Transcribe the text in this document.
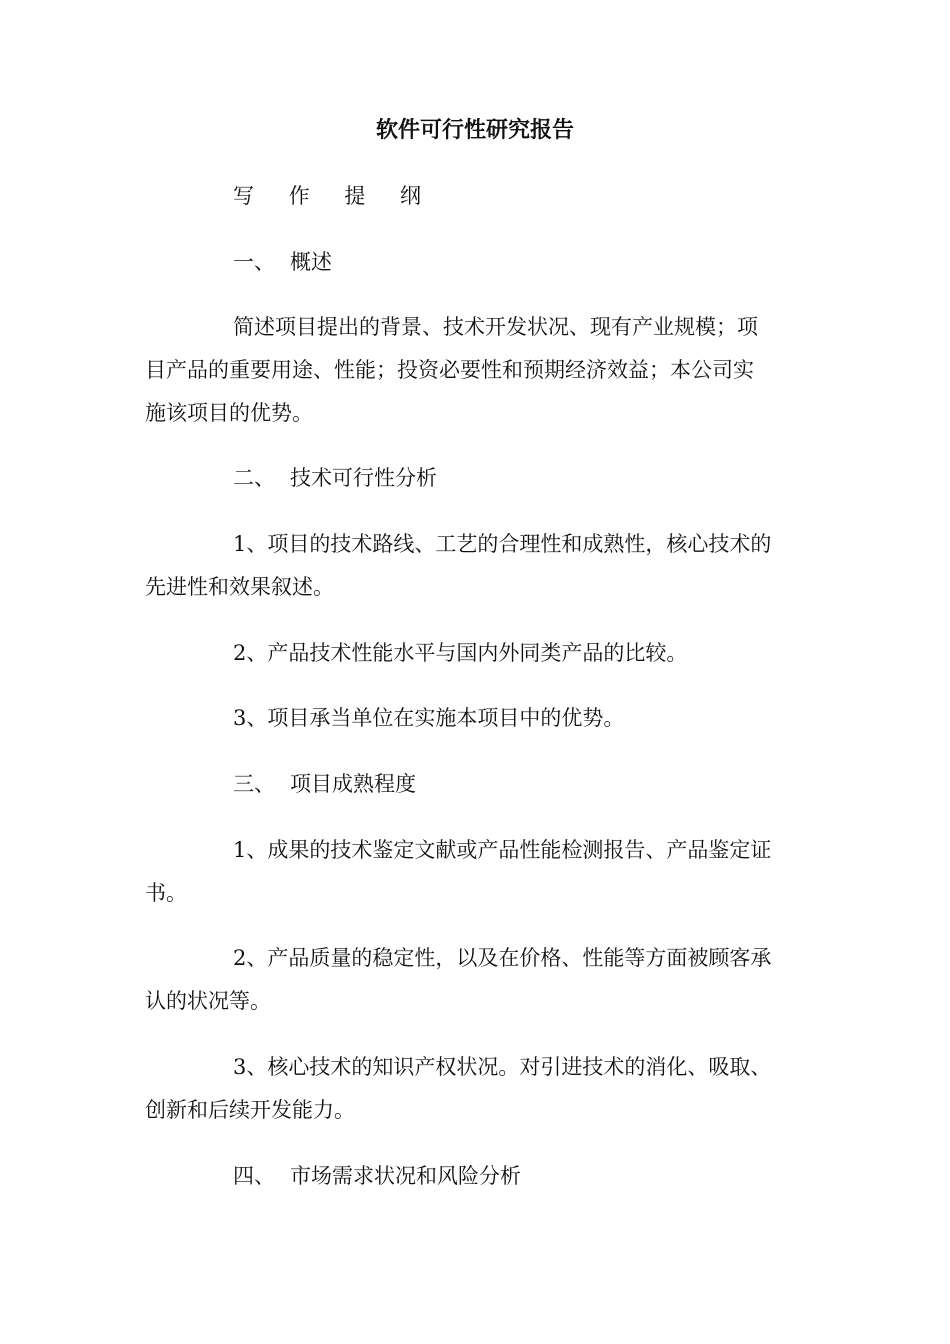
软件可行性研究报告
写 作 提 纲
一、 概述
简述项目提出的背景、技术开发状况、现有产业规模；项
目产品的重要用途、性能；投资必要性和预期经济效益；本公司实
施该项目的优势。
二、 技术可行性分析
1、项目的技术路线、工艺的合理性和成熟性，核心技术的
先进性和效果叙述。
2、产品技术性能水平与国内外同类产品的比较。
3、项目承当单位在实施本项目中的优势。
三、 项目成熟程度
1、成果的技术鉴定文献或产品性能检测报告、产品鉴定证
书。
2、产品质量的稳定性，以及在价格、性能等方面被顾客承
认的状况等。
3、核心技术的知识产权状况。对引进技术的消化、吸取、
创新和后续开发能力。
四、 市场需求状况和风险分析
